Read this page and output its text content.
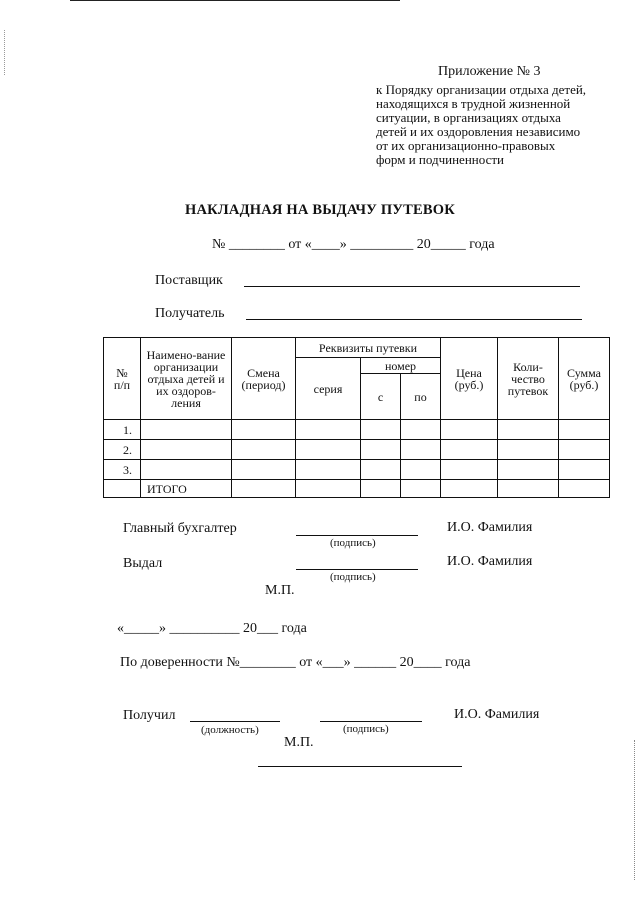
Приложение № 3
к Порядку организации отдыха детей,
находящихся в трудной жизненной
ситуации, в организациях отдыха
детей и их оздоровления независимо
от их организационно-правовых
форм и подчиненности
НАКЛАДНАЯ НА ВЫДАЧУ ПУТЕВОК
№ ________ от «____» _________ 20_____ года
Поставщик
Получатель
№ п/п	Наимено-вание организации отдыха детей и их оздоров-ления	Смена (период)	Реквизиты путевки			Цена (руб.)	Коли-чество путевок	Сумма (руб.)

			серия	номер				
				с	по			
1.								
2.								
3.								
	ИТОГО							
Главный бухгалтер
(подпись)
И.О. Фамилия
Выдал
(подпись)
И.О. Фамилия
М.П.
«_____» __________ 20___ года
По доверенности №________ от «___» ______ 20____ года
Получил
(должность)	(подпись)
И.О. Фамилия
М.П.
